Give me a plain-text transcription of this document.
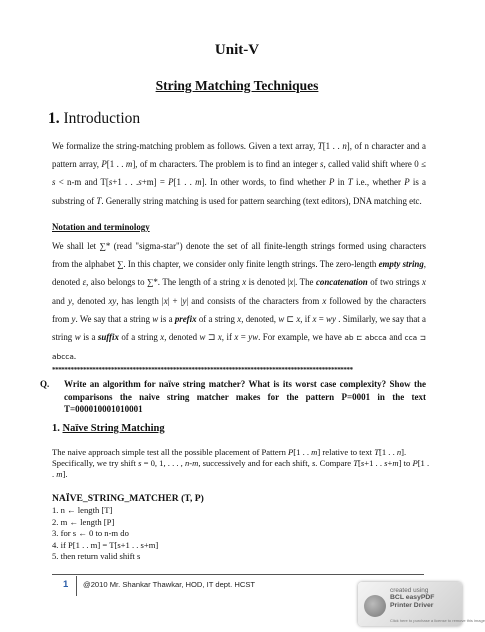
Unit-V
String Matching Techniques
1. Introduction
We formalize the string-matching problem as follows. Given a text array, T[1 . . n], of n character and a pattern array, P[1 . . m], of m characters. The problem is to find an integer s, called valid shift where 0 ≤ s < n-m and T[s+1 . . .s+m] = P[1 . . m]. In other words, to find whether P in T i.e., whether P is a substring of T. Generally string matching is used for pattern searching (text editors), DNA matching etc.
Notation and terminology
We shall let ∑* (read "sigma-star") denote the set of all finite-length strings formed using characters from the alphabet ∑. In this chapter, we consider only finite length strings. The zero-length empty string, denoted ε, also belongs to ∑*. The length of a string x is denoted |x|. The concatenation of two strings x and y, denoted xy, has length |x| + |y| and consists of the characters from x followed by the characters from y. We say that a string w is a prefix of a string x, denoted, w ⊏ x, if x = wy . Similarly, we say that a string w is a suffix of a string x, denoted w ⊐ x, if x = yw. For example, we have ab ⊏ abcca and cca ⊐ abcca.
*************************************************************************************************
Q. Write an algorithm for naïve string matcher? What is its worst case complexity? Show the comparisons the naive string matcher makes for the pattern P=0001 in the text T=000010001010001
1. Naïve String Matching
The naive approach simple test all the possible placement of Pattern P[1 . . m] relative to text T[1 . . n]. Specifically, we try shift s = 0, 1, . . . , n-m, successively and for each shift, s. Compare T[s+1 . . s+m] to P[1 . . m].
NAÏVE_STRING_MATCHER (T, P)
1. n ← length [T]
2. m ← length [P]
3. for s ← 0 to n-m do
4. if P[1 . . m] = T[s+1 . . s+m]
5. then return valid shift s
1 @2010 Mr. Shankar Thawkar, HOD, IT dept. HCST
created using
BCL easyPDF
Printer Driver
Click here to purchase a license to remove this image
